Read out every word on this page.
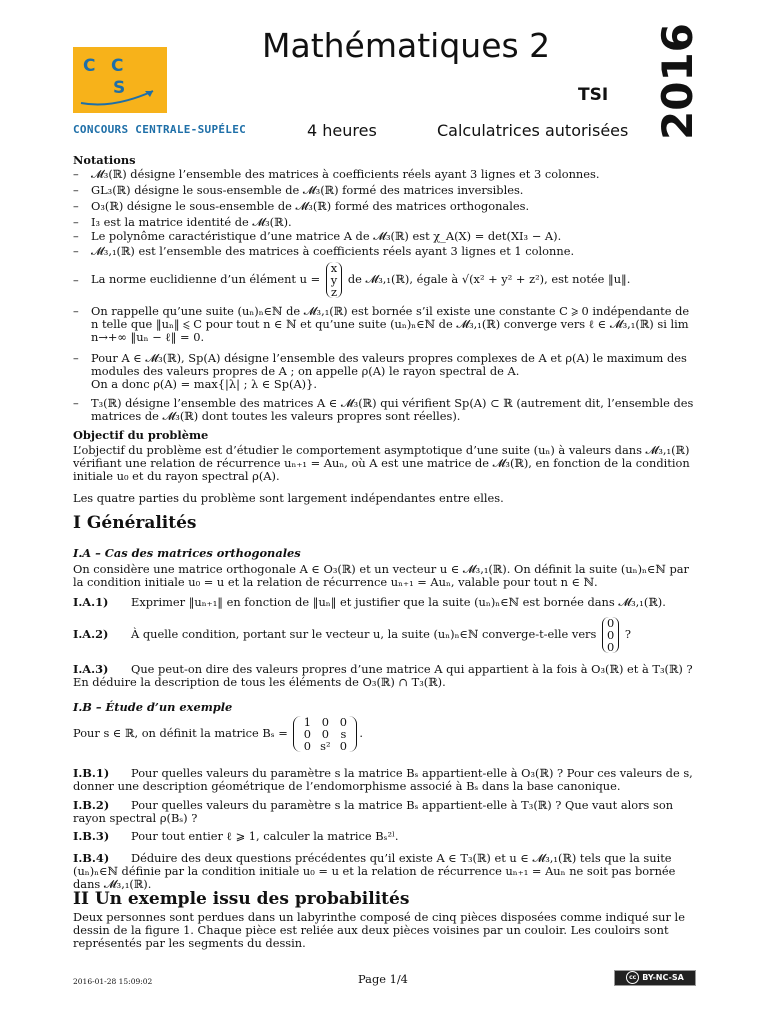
C C
S
CONCOURS CENTRALE-SUPÉLEC
Mathématiques 2
TSI 2016
4 heures	Calculatrices autorisées
Notations
– 𝓜₃(ℝ) désigne l’ensemble des matrices à coefficients réels ayant 3 lignes et 3 colonnes.
– GL₃(ℝ) désigne le sous-ensemble de 𝓜₃(ℝ) formé des matrices inversibles.
– O₃(ℝ) désigne le sous-ensemble de 𝓜₃(ℝ) formé des matrices orthogonales.
– I₃ est la matrice identité de 𝓜₃(ℝ).
– Le polynôme caractéristique d’une matrice A de 𝓜₃(ℝ) est χ_A(X) = det(XI₃ − A).
– 𝓜₃,₁(ℝ) est l’ensemble des matrices à coefficients réels ayant 3 lignes et 1 colonne.
– La norme euclidienne d’un élément u = x
y
z de 𝓜₃,₁(ℝ), égale à √(x² + y² + z²), est notée ‖u‖.
– On rappelle qu’une suite (uₙ)ₙ∈ℕ de 𝓜₃,₁(ℝ) est bornée s’il existe une constante C ⩾ 0 indépendante de n telle que ‖uₙ‖ ⩽ C pour tout n ∈ ℕ et qu’une suite (uₙ)ₙ∈ℕ de 𝓜₃,₁(ℝ) converge vers ℓ ∈ 𝓜₃,₁(ℝ) si lim n→+∞ ‖uₙ − ℓ‖ = 0.
– Pour A ∈ 𝓜₃(ℝ), Sp(A) désigne l’ensemble des valeurs propres complexes de A et ρ(A) le maximum des modules des valeurs propres de A ; on appelle ρ(A) le rayon spectral de A.
On a donc ρ(A) = max{|λ| ; λ ∈ Sp(A)}.
– T₃(ℝ) désigne l’ensemble des matrices A ∈ 𝓜₃(ℝ) qui vérifient Sp(A) ⊂ ℝ (autrement dit, l’ensemble des matrices de 𝓜₃(ℝ) dont toutes les valeurs propres sont réelles).
Objectif du problème
L’objectif du problème est d’étudier le comportement asymptotique d’une suite (uₙ) à valeurs dans 𝓜₃,₁(ℝ) vérifiant une relation de récurrence uₙ₊₁ = Auₙ, où A est une matrice de 𝓜₃(ℝ), en fonction de la condition initiale u₀ et du rayon spectral ρ(A).
Les quatre parties du problème sont largement indépendantes entre elles.
I Généralités
I.A – Cas des matrices orthogonales
On considère une matrice orthogonale A ∈ O₃(ℝ) et un vecteur u ∈ 𝓜₃,₁(ℝ). On définit la suite (uₙ)ₙ∈ℕ par la condition initiale u₀ = u et la relation de récurrence uₙ₊₁ = Auₙ, valable pour tout n ∈ ℕ.
I.A.1) Exprimer ‖uₙ₊₁‖ en fonction de ‖uₙ‖ et justifier que la suite (uₙ)ₙ∈ℕ est bornée dans 𝓜₃,₁(ℝ).
I.A.2) À quelle condition, portant sur le vecteur u, la suite (uₙ)ₙ∈ℕ converge-t-elle vers 0
0
0 ?
I.A.3) Que peut-on dire des valeurs propres d’une matrice A qui appartient à la fois à O₃(ℝ) et à T₃(ℝ) ? En déduire la description de tous les éléments de O₃(ℝ) ∩ T₃(ℝ).
I.B – Étude d’un exemple
Pour s ∈ ℝ, on définit la matrice Bₛ =
1 0 0
0 0	s
0 s² 0
.
I.B.1) Pour quelles valeurs du paramètre s la matrice Bₛ appartient-elle à O₃(ℝ) ? Pour ces valeurs de s, donner une description géométrique de l’endomorphisme associé à Bₛ dans la base canonique.
I.B.2) Pour quelles valeurs du paramètre s la matrice Bₛ appartient-elle à T₃(ℝ) ? Que vaut alors son rayon spectral ρ(Bₛ) ?
I.B.3) Pour tout entier ℓ ⩾ 1, calculer la matrice Bₛ²ˡ.
I.B.4) Déduire des deux questions précédentes qu’il existe A ∈ T₃(ℝ) et u ∈ 𝓜₃,₁(ℝ) tels que la suite (uₙ)ₙ∈ℕ définie par la condition initiale u₀ = u et la relation de récurrence uₙ₊₁ = Auₙ ne soit pas bornée dans 𝓜₃,₁(ℝ).
II Un exemple issu des probabilités
Deux personnes sont perdues dans un labyrinthe composé de cinq pièces disposées comme indiqué sur le dessin de la figure 1. Chaque pièce est reliée aux deux pièces voisines par un couloir. Les couloirs sont représentés par les segments du dessin.
2016-01-28 15:09:02	Page 1/4	cc BY-NC-SA
